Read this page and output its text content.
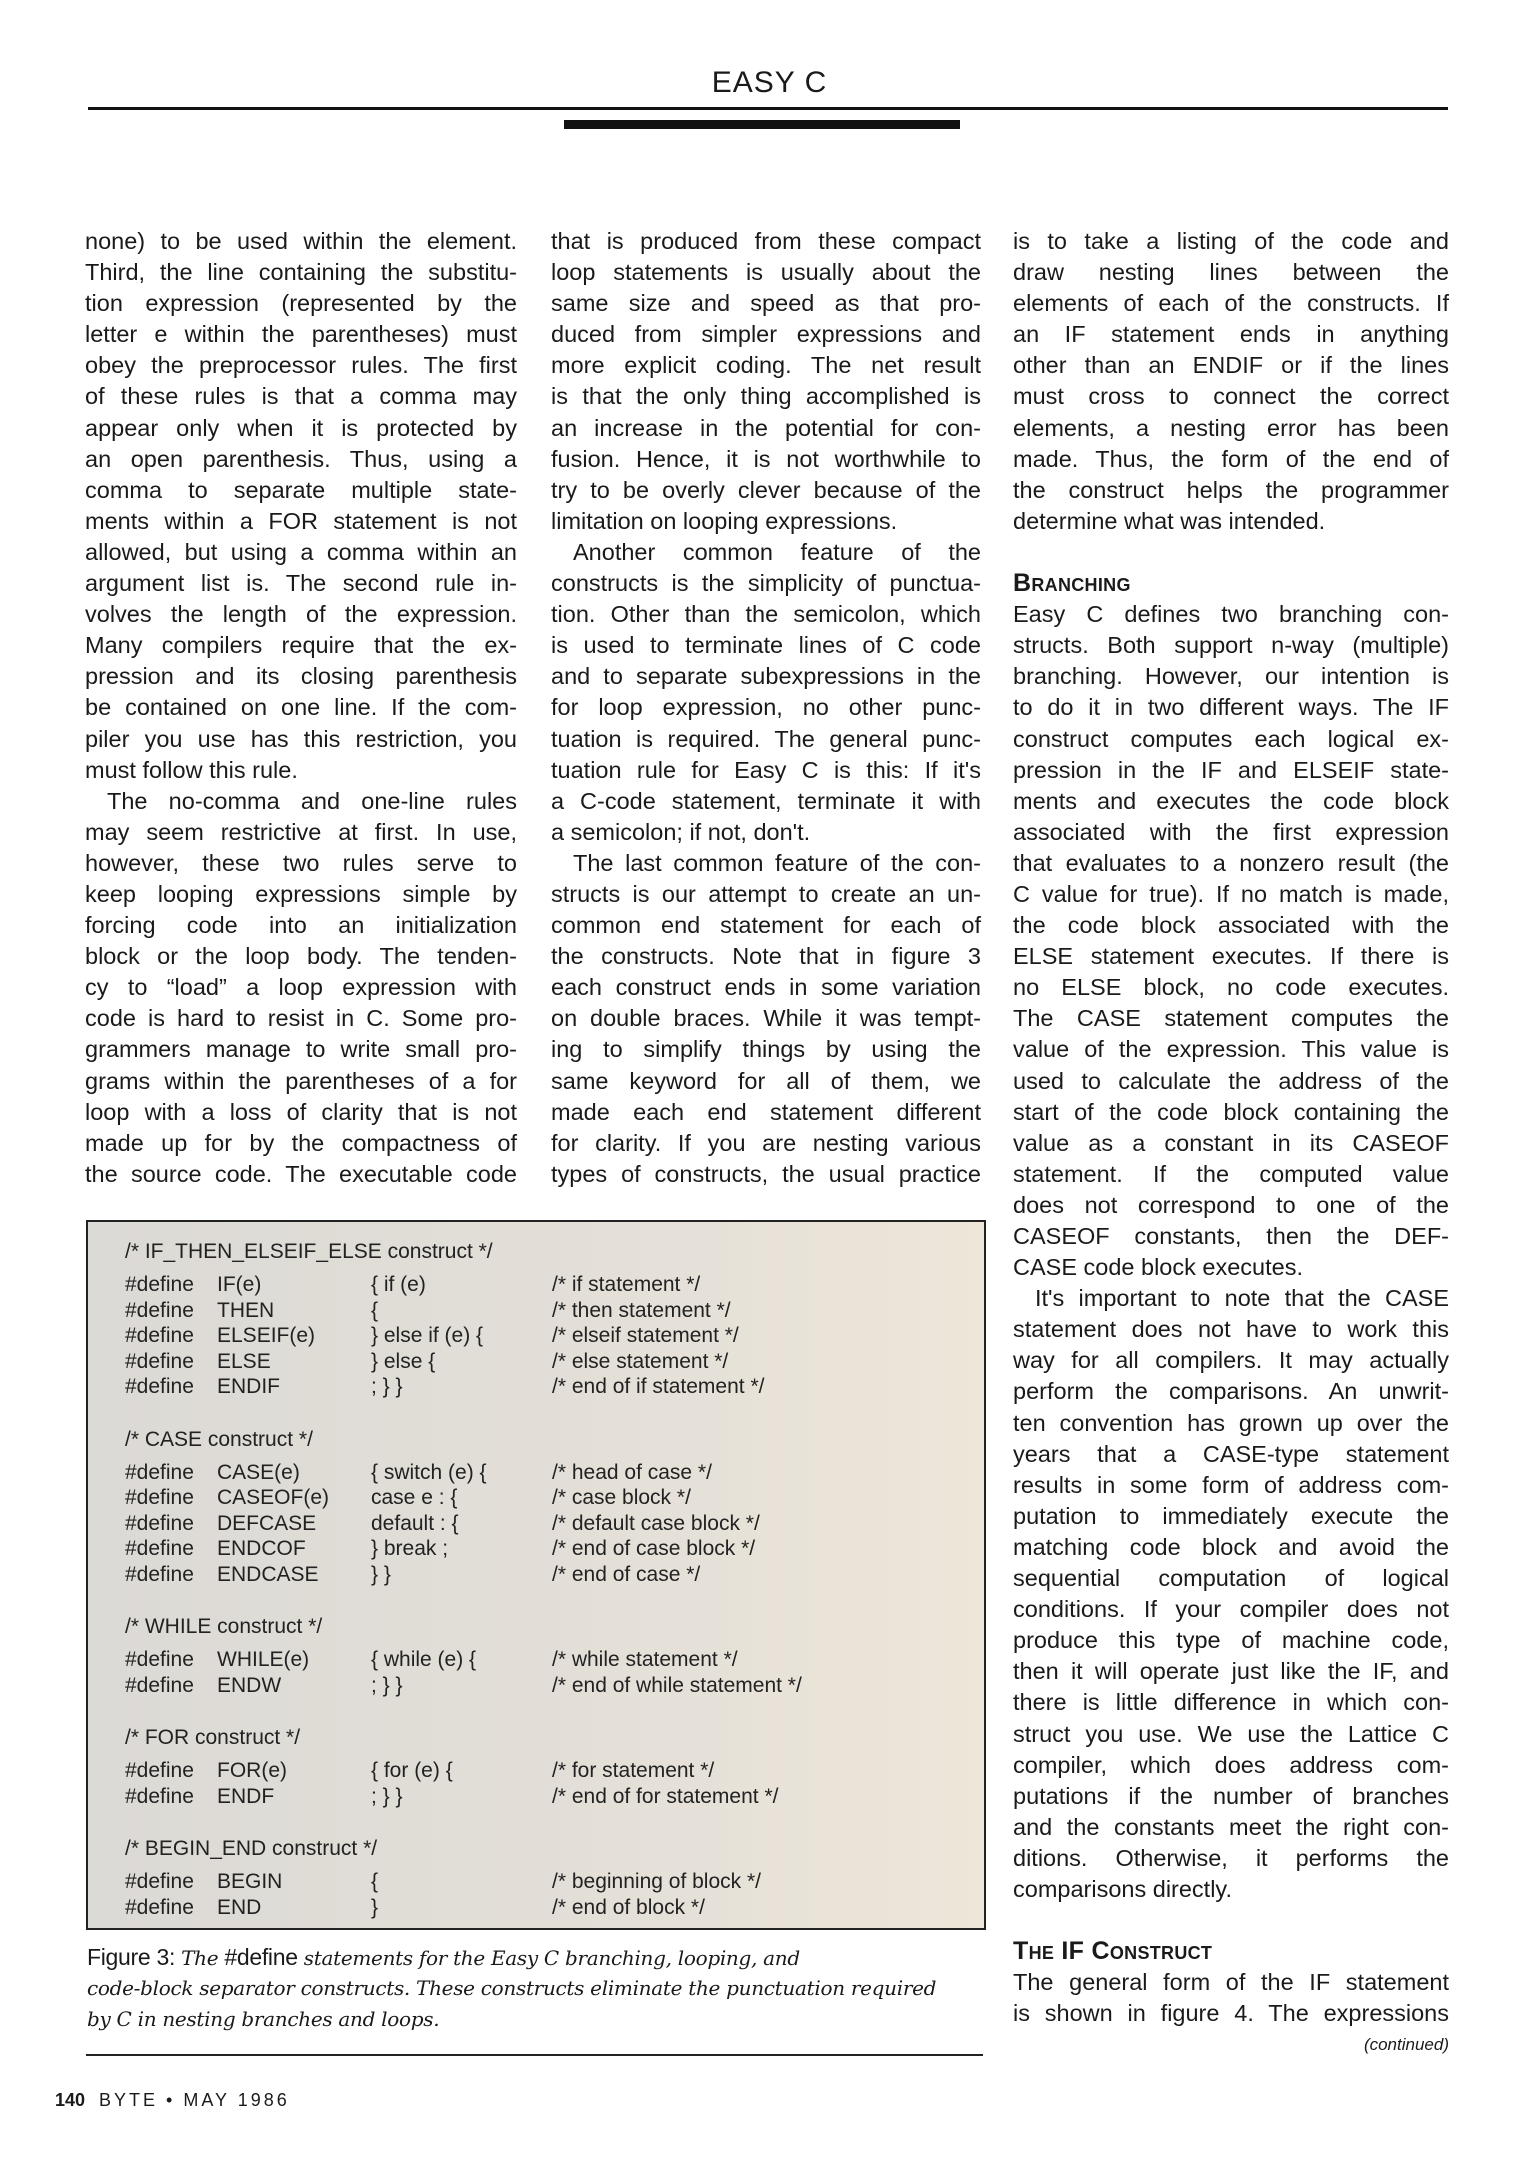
EASY C
none) to be used within the element.
Third, the line containing the substitu-
tion expression (represented by the
letter e within the parentheses) must
obey the preprocessor rules. The first
of these rules is that a comma may
appear only when it is protected by
an open parenthesis. Thus, using a
comma to separate multiple state-
ments within a FOR statement is not
allowed, but using a comma within an
argument list is. The second rule in-
volves the length of the expression.
Many compilers require that the ex-
pression and its closing parenthesis
be contained on one line. If the com-
piler you use has this restriction, you
must follow this rule.
The no-comma and one-line rules
may seem restrictive at first. In use,
however, these two rules serve to
keep looping expressions simple by
forcing code into an initialization
block or the loop body. The tenden-
cy to “load” a loop expression with
code is hard to resist in C. Some pro-
grammers manage to write small pro-
grams within the parentheses of a for
loop with a loss of clarity that is not
made up for by the compactness of
the source code. The executable code
that is produced from these compact
loop statements is usually about the
same size and speed as that pro-
duced from simpler expressions and
more explicit coding. The net result
is that the only thing accomplished is
an increase in the potential for con-
fusion. Hence, it is not worthwhile to
try to be overly clever because of the
limitation on looping expressions.
Another common feature of the
constructs is the simplicity of punctua-
tion. Other than the semicolon, which
is used to terminate lines of C code
and to separate subexpressions in the
for loop expression, no other punc-
tuation is required. The general punc-
tuation rule for Easy C is this: If it's
a C-code statement, terminate it with
a semicolon; if not, don't.
The last common feature of the con-
structs is our attempt to create an un-
common end statement for each of
the constructs. Note that in figure 3
each construct ends in some variation
on double braces. While it was tempt-
ing to simplify things by using the
same keyword for all of them, we
made each end statement different
for clarity. If you are nesting various
types of constructs, the usual practice
is to take a listing of the code and
draw nesting lines between the
elements of each of the constructs. If
an IF statement ends in anything
other than an ENDIF or if the lines
must cross to connect the correct
elements, a nesting error has been
made. Thus, the form of the end of
the construct helps the programmer
determine what was intended.
Branching
Easy C defines two branching con-
structs. Both support n-way (multiple)
branching. However, our intention is
to do it in two different ways. The IF
construct computes each logical ex-
pression in the IF and ELSEIF state-
ments and executes the code block
associated with the first expression
that evaluates to a nonzero result (the
C value for true). If no match is made,
the code block associated with the
ELSE statement executes. If there is
no ELSE block, no code executes.
The CASE statement computes the
value of the expression. This value is
used to calculate the address of the
start of the code block containing the
value as a constant in its CASEOF
statement. If the computed value
does not correspond to one of the
CASEOF constants, then the DEF-
CASE code block executes.
It's important to note that the CASE
statement does not have to work this
way for all compilers. It may actually
perform the comparisons. An unwrit-
ten convention has grown up over the
years that a CASE-type statement
results in some form of address com-
putation to immediately execute the
matching code block and avoid the
sequential computation of logical
conditions. If your compiler does not
produce this type of machine code,
then it will operate just like the IF, and
there is little difference in which con-
struct you use. We use the Lattice C
compiler, which does address com-
putations if the number of branches
and the constants meet the right con-
ditions. Otherwise, it performs the
comparisons directly.
The IF Construct
The general form of the IF statement
is shown in figure 4. The expressions
(continued)
/* IF_THEN_ELSEIF_ELSE construct */
#define IF(e)	{ if (e)	/* if statement */
#define THEN	{	/* then statement */
#define ELSEIF(e)	} else if (e) {	/* elseif statement */
#define ELSE	} else {	/* else statement */
#define ENDIF	; } }	/* end of if statement */
/* CASE construct */
#define CASE(e)	{ switch (e) {	/* head of case */
#define CASEOF(e) case e : {	/* case block */
#define DEFCASE	default : {	/* default case block */
#define ENDCOF	} break ;	/* end of case block */
#define ENDCASE } }	/* end of case */
/* WHILE construct */
#define WHILE(e)	{ while (e) {	/* while statement */
#define ENDW	; } }	/* end of while statement */
/* FOR construct */
#define FOR(e)	{ for (e) {	/* for statement */
#define ENDF	; } }	/* end of for statement */
/* BEGIN_END construct */
#define BEGIN	{	/* beginning of block */
#define END	}	/* end of block */
Figure 3: The #define statements for the Easy C branching, looping, and
code-block separator constructs. These constructs eliminate the punctuation required
by C in nesting branches and loops.
140 BYTE • MAY 1986
